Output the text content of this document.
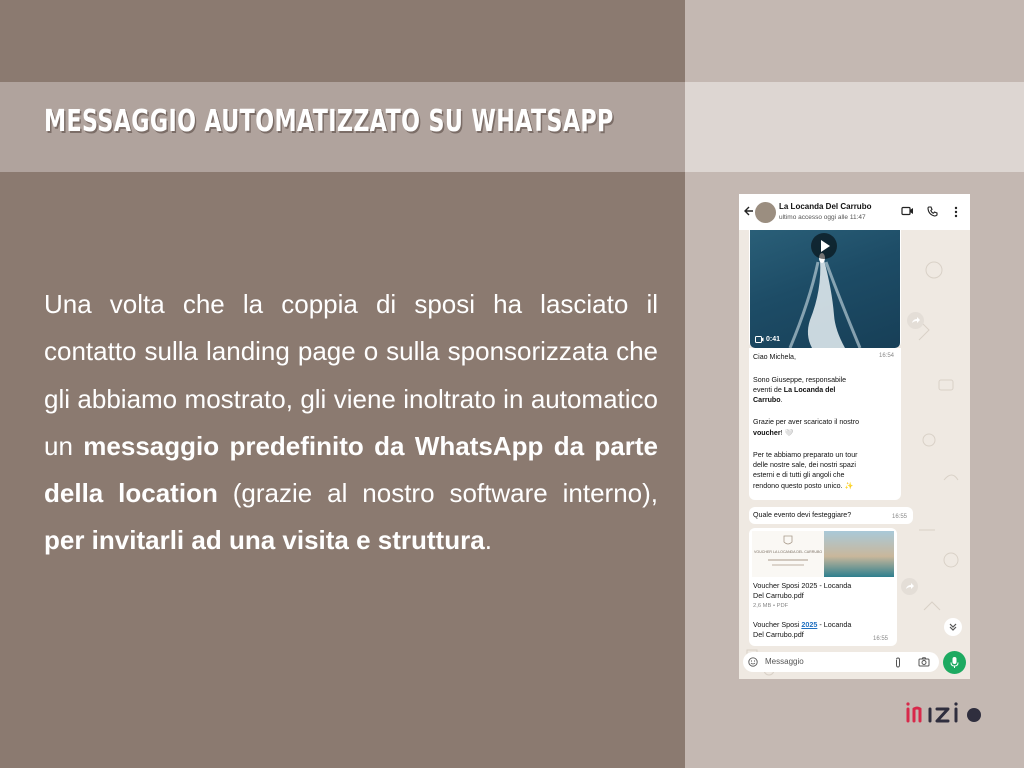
MESSAGGIO AUTOMATIZZATO SU WHATSAPP

Una volta che la coppia di sposi ha lasciato il contatto sulla landing page o sulla sponsorizzata che gli abbiamo mostrato, gli viene inoltrato in automatico un messaggio predefinito da WhatsApp da parte della location (grazie al nostro software interno), per invitarli ad una visita e struttura.

La Locanda Del Carrubo
ultimo accesso oggi alle 11:47
0:41
Ciao Michela,	16:54
Sono Giuseppe, responsabile
eventi de La Locanda del
Carrubo.
Grazie per aver scaricato il nostro
voucher! 🤍
Per te abbiamo preparato un tour
delle nostre sale, dei nostri spazi
esterni e di tutti gli angoli che
rendono questo posto unico. ✨
Quale evento devi festeggiare?	16:55
VOUCHER LA LOCANDA DEL CARRUBO
Voucher Sposi 2025 - Locanda
Del Carrubo.pdf
2,6 MB • PDF
Voucher Sposi 2025 - Locanda
Del Carrubo.pdf	16:55
Messaggio
